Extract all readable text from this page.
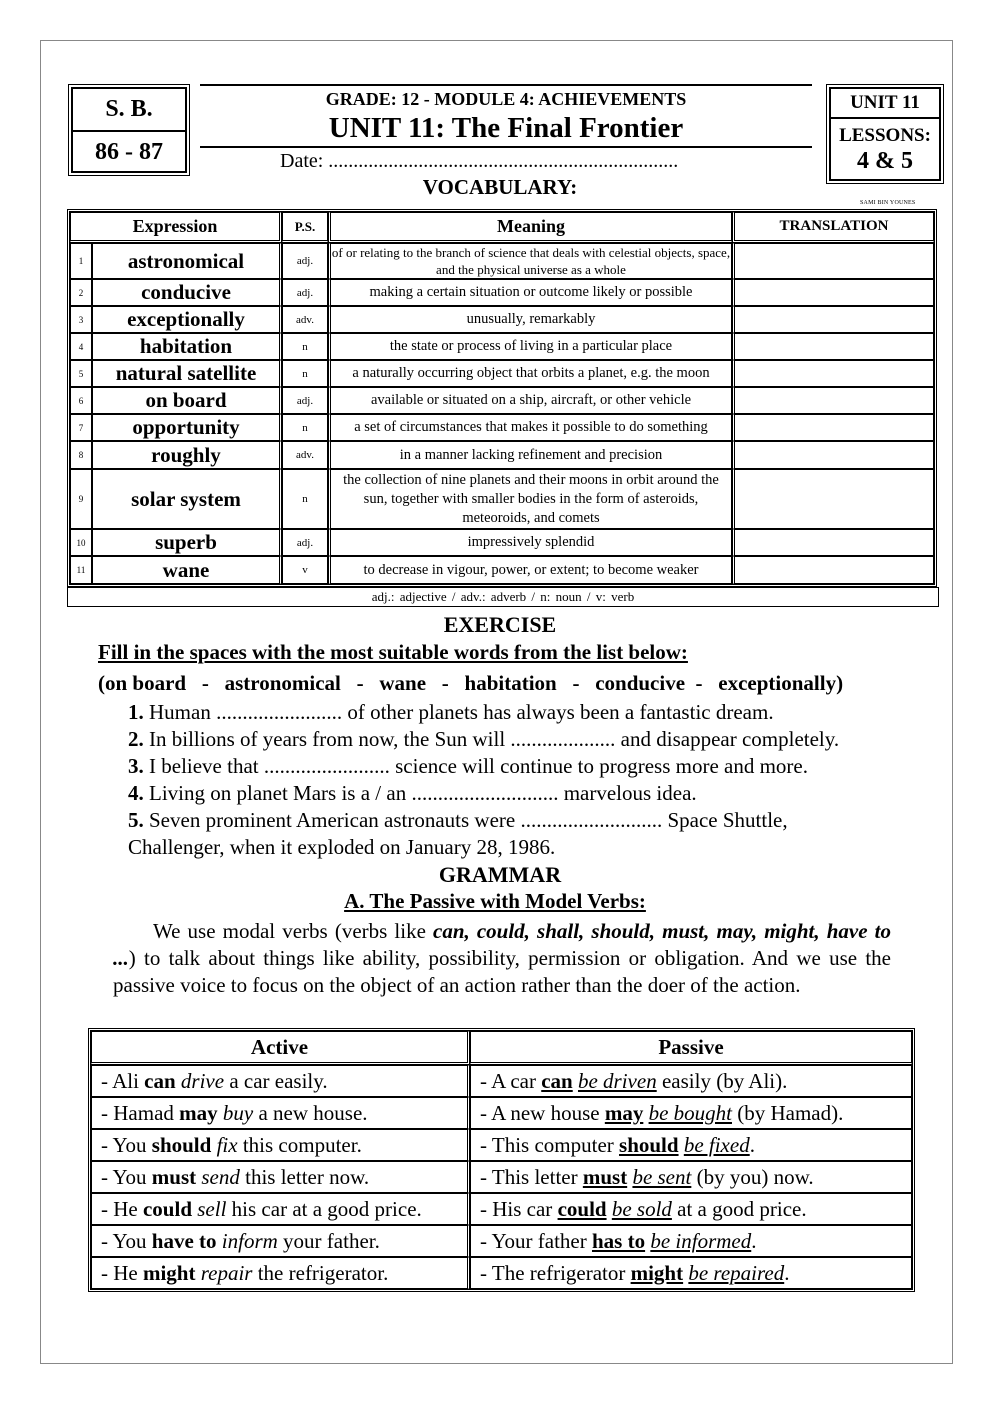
S. B.
86 - 87
GRADE: 12 - MODULE 4: ACHIEVEMENTS
UNIT 11: The Final Frontier
Date: ......................................................................
VOCABULARY:
SAMI BIN YOUNES
UNIT 11
LESSONS:
4 & 5
Expression		P.S.	Meaning	TRANSLATION
1	astronomical	adj.	of or relating to the branch of science that deals with celestial objects, space, and the physical universe as a whole	
2	conducive	adj.	making a certain situation or outcome likely or possible	
3	exceptionally	adv.	unusually, remarkably	
4	habitation	n	the state or process of living in a particular place	
5	natural satellite	n	a naturally occurring object that orbits a planet, e.g. the moon	
6	on board	adj.	available or situated on a ship, aircraft, or other vehicle	
7	opportunity	n	a set of circumstances that makes it possible to do something	
8	roughly	adv.	in a manner lacking refinement and precision	
9	solar system	n	the collection of nine planets and their moons in orbit around the sun, together with smaller bodies in the form of asteroids, meteoroids, and comets	
10	superb	adj.	impressively splendid	
11	wane	v	to decrease in vigour, power, or extent; to become weaker	
adj.: adjective / adv.: adverb / n: noun / v: verb
EXERCISE
Fill in the spaces with the most suitable words from the list below:
(on board   -   astronomical   -   wane   -   habitation   -   conducive  -   exceptionally)
1. Human ........................ of other planets has always been a fantastic dream.
2. In billions of years from now, the Sun will .................... and disappear completely.
3. I believe that ........................ science will continue to progress more and more.
4. Living on planet Mars is a / an ............................ marvelous idea.
5. Seven prominent American astronauts were ........................... Space Shuttle,
Challenger, when it exploded on January 28, 1986.
GRAMMAR
A. The Passive with Model Verbs:
We use modal verbs (verbs like can, could, shall, should, must, may, might, have to ...) to talk about things like ability, possibility, permission or obligation. And we use the passive voice to focus on the object of an action rather than the doer of the action.
Active	Passive
- Ali can drive a car easily.	- A car can be driven easily (by Ali).
- Hamad may buy a new house.	- A new house may be bought (by Hamad).
- You should fix this computer.	- This computer should be fixed.
- You must send this letter now.	- This letter must be sent (by you) now.
- He could sell his car at a good price.	- His car could be sold at a good price.
- You have to inform your father.	- Your father has to be informed.
- He might repair the refrigerator.	- The refrigerator might be repaired.
